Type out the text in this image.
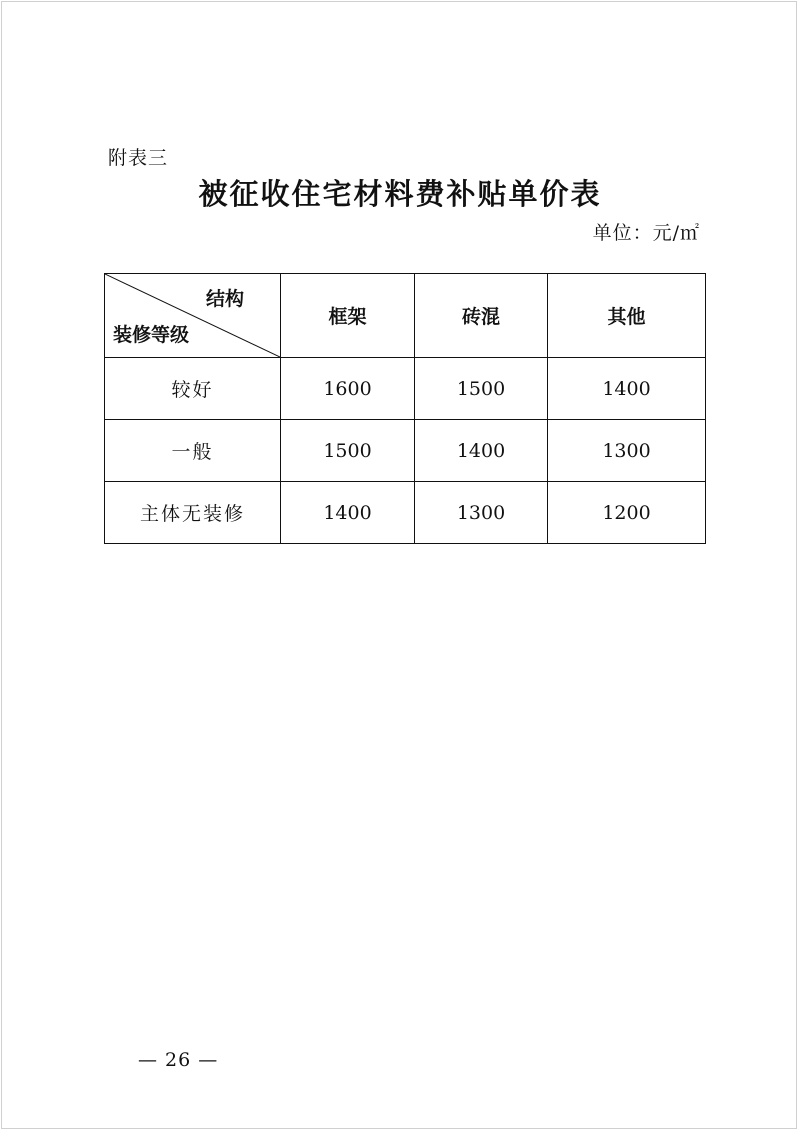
附表三
被征收住宅材料费补贴单价表
单位：元/㎡
结构
装修等级	框架	砖混	其他
较好	1600	1500	1400
一般	1500	1400	1300
主体无装修	1400	1300	1200
— 26 —
